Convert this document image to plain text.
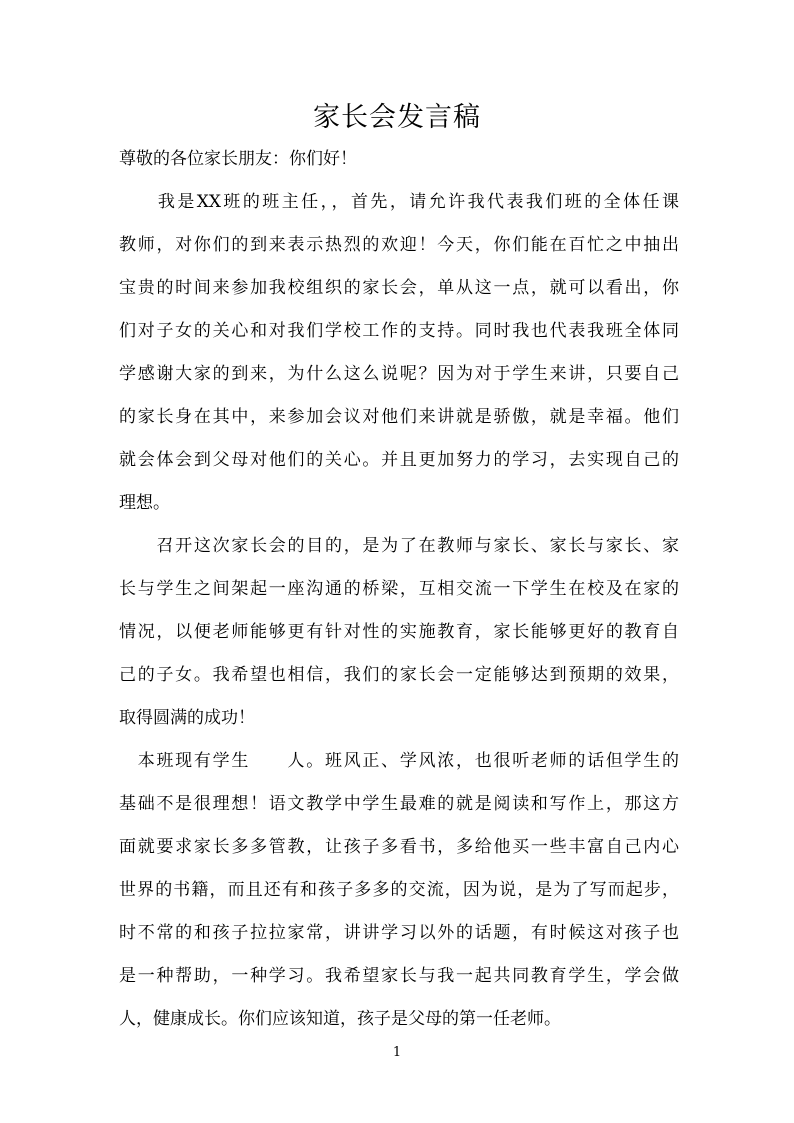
家长会发言稿
尊敬的各位家长朋友：你们好！
　　我是XX班的班主任，，首先，请允许我代表我们班的全体任课
教师，对你们的到来表示热烈的欢迎！今天，你们能在百忙之中抽出
宝贵的时间来参加我校组织的家长会，单从这一点，就可以看出，你
们对子女的关心和对我们学校工作的支持。同时我也代表我班全体同
学感谢大家的到来，为什么这么说呢？因为对于学生来讲，只要自己
的家长身在其中，来参加会议对他们来讲就是骄傲，就是幸福。他们
就会体会到父母对他们的关心。并且更加努力的学习，去实现自己的
理想。
　　召开这次家长会的目的，是为了在教师与家长、家长与家长、家
长与学生之间架起一座沟通的桥梁，互相交流一下学生在校及在家的
情况，以便老师能够更有针对性的实施教育，家长能够更好的教育自
己的子女。我希望也相信，我们的家长会一定能够达到预期的效果，
取得圆满的成功！
　本班现有学生　　人。班风正、学风浓，也很听老师的话但学生的
基础不是很理想！语文教学中学生最难的就是阅读和写作上，那这方
面就要求家长多多管教，让孩子多看书，多给他买一些丰富自己内心
世界的书籍，而且还有和孩子多多的交流，因为说，是为了写而起步，
时不常的和孩子拉拉家常，讲讲学习以外的话题，有时候这对孩子也
是一种帮助，一种学习。我希望家长与我一起共同教育学生，学会做
人，健康成长。你们应该知道，孩子是父母的第一任老师。
1
